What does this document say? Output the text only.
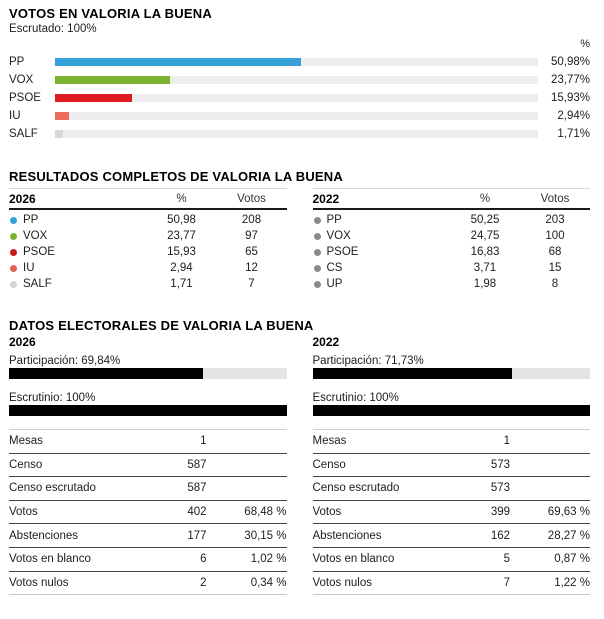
VOTOS EN VALORIA LA BUENA
Escrutado: 100%
%
PP	50,98%
VOX	23,77%
PSOE	15,93%
IU	2,94%
SALF	1,71%
RESULTADOS COMPLETOS DE VALORIA LA BUENA
2026	%	Votos
PP	50,98	208
VOX	23,77	97
PSOE	15,93	65
IU	2,94	12
SALF	1,71	7
2022	%	Votos
PP	50,25	203
VOX	24,75	100
PSOE	16,83	68
CS	3,71	15
UP	1,98	8
DATOS ELECTORALES DE VALORIA LA BUENA
2026
Participación: 69,84%
Escrutinio: 100%
Mesas	1
Censo	587
Censo escrutado	587
Votos	402	68,48 %
Abstenciones	177	30,15 %
Votos en blanco	6	1,02 %
Votos nulos	2	0,34 %
2022
Participación: 71,73%
Escrutinio: 100%
Mesas	1
Censo	573
Censo escrutado	573
Votos	399	69,63 %
Abstenciones	162	28,27 %
Votos en blanco	5	0,87 %
Votos nulos	7	1,22 %
